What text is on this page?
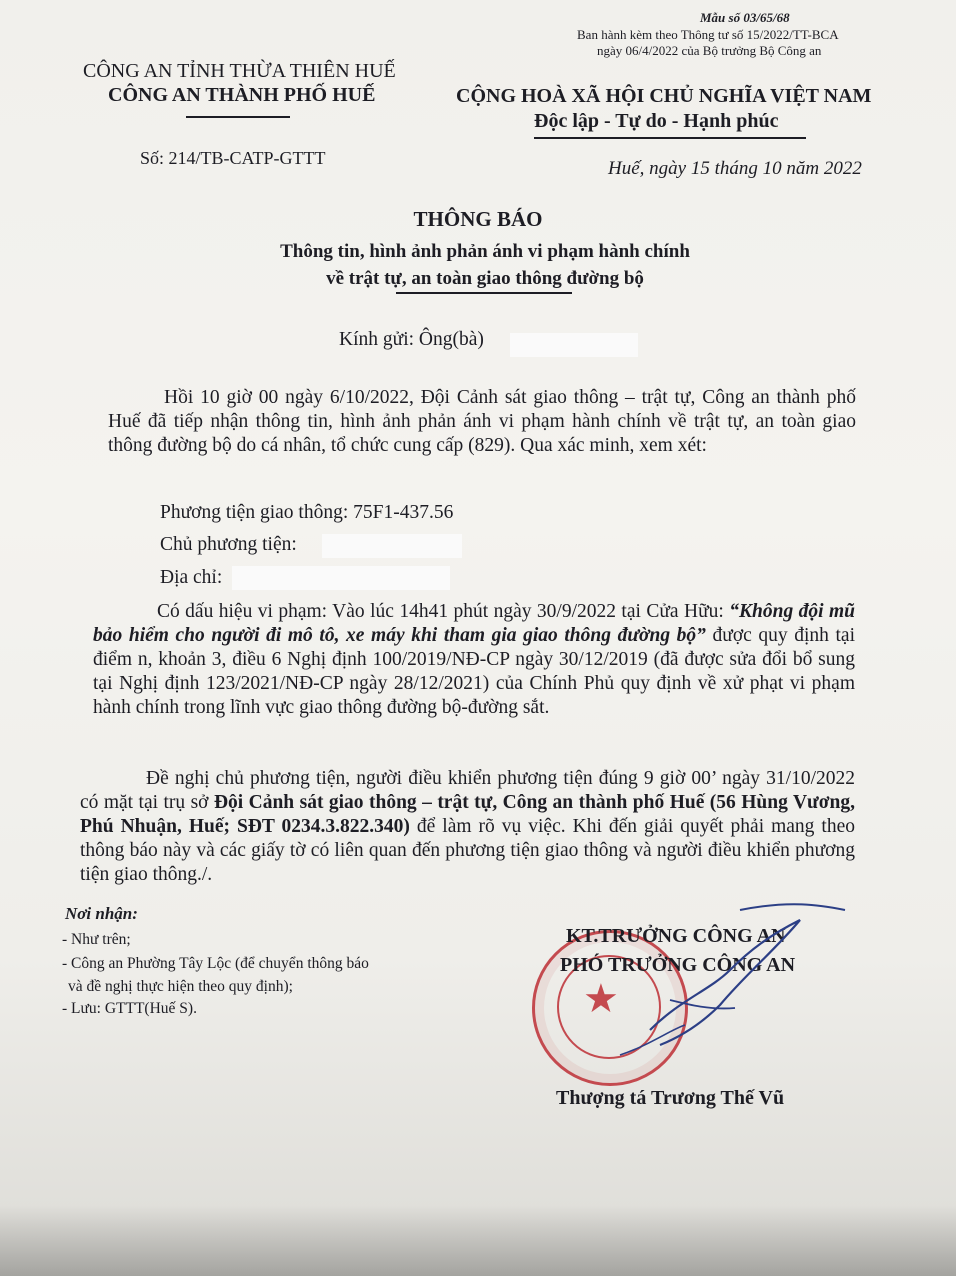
Mẫu số 03/65/68
Ban hành kèm theo Thông tư số 15/2022/TT-BCA
ngày 06/4/2022 của Bộ trưởng Bộ Công an
CÔNG AN TỈNH THỪA THIÊN HUẾ
CÔNG AN THÀNH PHỐ HUẾ
Số: 214/TB-CATP-GTTT
CỘNG HOÀ XÃ HỘI CHỦ NGHĨA VIỆT NAM
Độc lập - Tự do - Hạnh phúc
Huế, ngày 15 tháng 10 năm 2022
THÔNG BÁO
Thông tin, hình ảnh phản ánh vi phạm hành chính
về trật tự, an toàn giao thông đường bộ
Kính gửi: Ông(bà)
Hồi 10 giờ 00 ngày 6/10/2022, Đội Cảnh sát giao thông – trật tự, Công an thành phố Huế đã tiếp nhận thông tin, hình ảnh phản ánh vi phạm hành chính về trật tự, an toàn giao thông đường bộ do cá nhân, tổ chức cung cấp (829). Qua xác minh, xem xét:
Phương tiện giao thông: 75F1-437.56
Chủ phương tiện:
Địa chỉ:
Có dấu hiệu vi phạm: Vào lúc 14h41 phút ngày 30/9/2022 tại Cửa Hữu: “Không đội mũ bảo hiểm cho người đi mô tô, xe máy khi tham gia giao thông đường bộ” được quy định tại điểm n, khoản 3, điều 6 Nghị định 100/2019/NĐ-CP ngày 30/12/2019 (đã được sửa đổi bổ sung tại Nghị định 123/2021/NĐ-CP ngày 28/12/2021) của Chính Phủ quy định về xử phạt vi phạm hành chính trong lĩnh vực giao thông đường bộ-đường sắt.
Đề nghị chủ phương tiện, người điều khiển phương tiện đúng 9 giờ 00’ ngày 31/10/2022 có mặt tại trụ sở Đội Cảnh sát giao thông – trật tự, Công an thành phố Huế (56 Hùng Vương, Phú Nhuận, Huế; SĐT 0234.3.822.340) để làm rõ vụ việc. Khi đến giải quyết phải mang theo thông báo này và các giấy tờ có liên quan đến phương tiện giao thông và người điều khiển phương tiện giao thông./.
Nơi nhận:
- Như trên;
- Công an Phường Tây Lộc (để chuyển thông báo
và đề nghị thực hiện theo quy định);
- Lưu: GTTT(Huế S).	★
KT.TRƯỞNG CÔNG AN
PHÓ TRƯỞNG CÔNG AN
Thượng tá Trương Thế Vũ
